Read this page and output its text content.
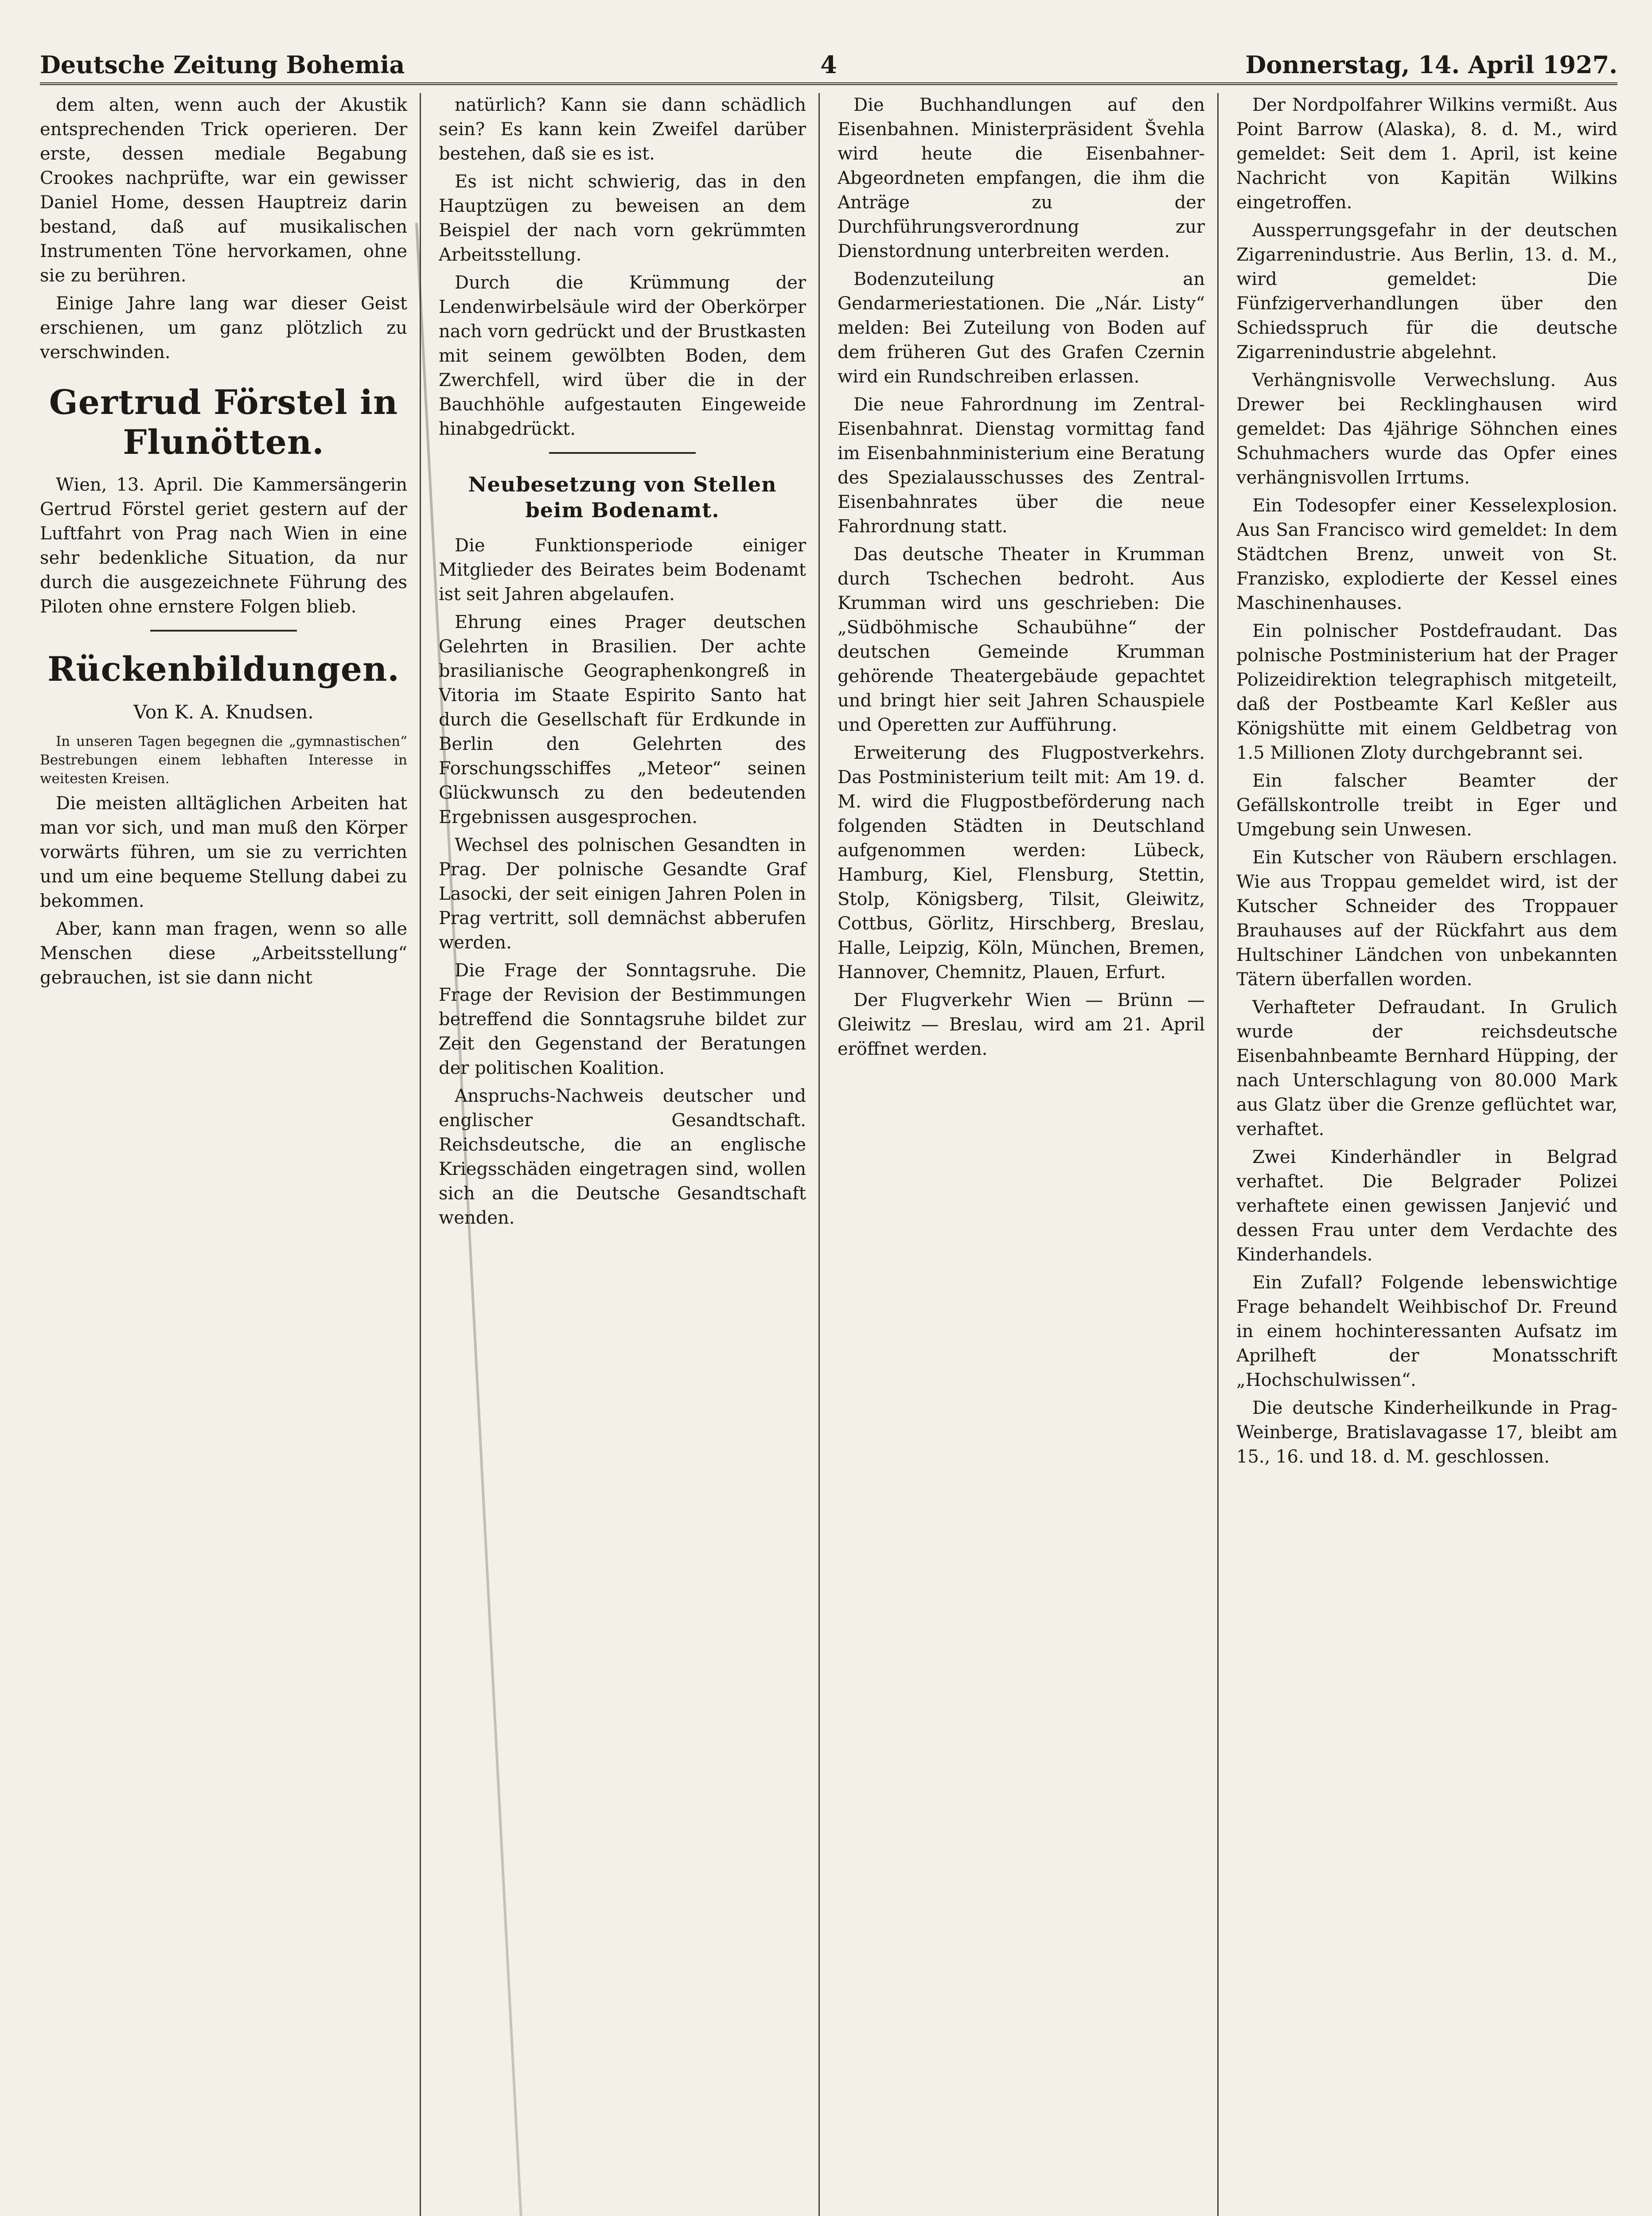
Deutsche Zeitung Bohemia	4	Donnerstag, 14. April 1927.

dem alten, wenn auch der Akustik entsprechenden Trick operieren. Der erste, dessen mediale Begabung Crookes nachprüfte, war ein gewisser Daniel Home, dessen Hauptreiz darin bestand, daß auf musikalischen Instrumenten Töne hervorkamen, ohne sie zu berühren.

Einige Jahre lang war dieser Geist erschienen, um ganz plötzlich zu verschwinden.

Gertrud Förstel in Flunötten.

Wien, 13. April. Die Kammersängerin Gertrud Förstel geriet gestern auf der Luftfahrt von Prag nach Wien in eine sehr bedenkliche Situation, da nur durch die ausgezeichnete Führung des Piloten ohne ernstere Folgen blieb.

Rückenbildungen.
Von K. A. Knudsen.

In unseren Tagen begegnen die „gymnastischen“ Bestrebungen einem lebhaften Interesse in weitesten Kreisen.

Die meisten alltäglichen Arbeiten hat man vor sich, und man muß den Körper vorwärts führen, um sie zu verrichten und um eine bequeme Stellung dabei zu bekommen.

Aber, kann man fragen, wenn so alle Menschen diese „Arbeitsstellung“ gebrauchen, ist sie dann nicht

natürlich? Kann sie dann schädlich sein? Es kann kein Zweifel darüber bestehen, daß sie es ist.

Es ist nicht schwierig, das in den Hauptzügen zu beweisen an dem Beispiel der nach vorn gekrümmten Arbeitsstellung.

Durch die Krümmung der Lendenwirbelsäule wird der Oberkörper nach vorn gedrückt und der Brustkasten mit seinem gewölbten Boden, dem Zwerchfell, wird über die in der Bauchhöhle aufgestauten Eingeweide hinabgedrückt.

Neubesetzung von Stellen beim Bodenamt.

Die Funktionsperiode einiger Mitglieder des Beirates beim Bodenamt ist seit Jahren abgelaufen.

Ehrung eines Prager deutschen Gelehrten in Brasilien. Der achte brasilianische Geographenkongreß in Vitoria im Staate Espirito Santo hat durch die Gesellschaft für Erdkunde in Berlin den Gelehrten des Forschungsschiffes „Meteor“ seinen Glückwunsch zu den bedeutenden Ergebnissen ausgesprochen.

Wechsel des polnischen Gesandten in Prag. Der polnische Gesandte Graf Lasocki, der seit einigen Jahren Polen in Prag vertritt, soll demnächst abberufen werden.

Die Frage der Sonntagsruhe. Die Frage der Revision der Bestimmungen betreffend die Sonntagsruhe bildet zur Zeit den Gegenstand der Beratungen der politischen Koalition.

Anspruchs-Nachweis deutscher und englischer Gesandtschaft. Reichsdeutsche, die an englische Kriegsschäden eingetragen sind, wollen sich an die Deutsche Gesandtschaft wenden.

Die Buchhandlungen auf den Eisenbahnen. Ministerpräsident Švehla wird heute die Eisenbahner-Abgeordneten empfangen, die ihm die Anträge zu der Durchführungsverordnung zur Dienstordnung unterbreiten werden.

Bodenzuteilung an Gendarmeriestationen. Die „Nár. Listy“ melden: Bei Zuteilung von Boden auf dem früheren Gut des Grafen Czernin wird ein Rundschreiben erlassen.

Die neue Fahrordnung im Zentral-Eisenbahnrat. Dienstag vormittag fand im Eisenbahnministerium eine Beratung des Spezialausschusses des Zentral-Eisenbahnrates über die neue Fahrordnung statt.

Das deutsche Theater in Krumman durch Tschechen bedroht. Aus Krumman wird uns geschrieben: Die „Südböhmische Schaubühne“ der deutschen Gemeinde Krumman gehörende Theatergebäude gepachtet und bringt hier seit Jahren Schauspiele und Operetten zur Aufführung.

Erweiterung des Flugpostverkehrs. Das Postministerium teilt mit: Am 19. d. M. wird die Flugpostbeförderung nach folgenden Städten in Deutschland aufgenommen werden: Lübeck, Hamburg, Kiel, Flensburg, Stettin, Stolp, Königsberg, Tilsit, Gleiwitz, Cottbus, Görlitz, Hirschberg, Breslau, Halle, Leipzig, Köln, München, Bremen, Hannover, Chemnitz, Plauen, Erfurt.

Der Flugverkehr Wien — Brünn — Gleiwitz — Breslau, wird am 21. April eröffnet werden.

Der Nordpolfahrer Wilkins vermißt. Aus Point Barrow (Alaska), 8. d. M., wird gemeldet: Seit dem 1. April, ist keine Nachricht von Kapitän Wilkins eingetroffen.

Aussperrungsgefahr in der deutschen Zigarrenindustrie. Aus Berlin, 13. d. M., wird gemeldet: Die Fünfzigerverhandlungen über den Schiedsspruch für die deutsche Zigarrenindustrie abgelehnt.

Verhängnisvolle Verwechslung. Aus Drewer bei Recklinghausen wird gemeldet: Das 4jährige Söhnchen eines Schuhmachers wurde das Opfer eines verhängnisvollen Irrtums.

Ein Todesopfer einer Kesselexplosion. Aus San Francisco wird gemeldet: In dem Städtchen Brenz, unweit von St. Franzisko, explodierte der Kessel eines Maschinenhauses.

Ein polnischer Postdefraudant. Das polnische Postministerium hat der Prager Polizeidirektion telegraphisch mitgeteilt, daß der Postbeamte Karl Keßler aus Königshütte mit einem Geldbetrag von 1.5 Millionen Zloty durchgebrannt sei.

Ein falscher Beamter der Gefällskontrolle treibt in Eger und Umgebung sein Unwesen.

Ein Kutscher von Räubern erschlagen. Wie aus Troppau gemeldet wird, ist der Kutscher Schneider des Troppauer Brauhauses auf der Rückfahrt aus dem Hultschiner Ländchen von unbekannten Tätern überfallen worden.

Verhafteter Defraudant. In Grulich wurde der reichsdeutsche Eisenbahnbeamte Bernhard Hüpping, der nach Unterschlagung von 80.000 Mark aus Glatz über die Grenze geflüchtet war, verhaftet.

Zwei Kinderhändler in Belgrad verhaftet. Die Belgrader Polizei verhaftete einen gewissen Janjević und dessen Frau unter dem Verdachte des Kinderhandels.

Ein Zufall? Folgende lebenswichtige Frage behandelt Weihbischof Dr. Freund in einem hochinteressanten Aufsatz im Aprilheft der Monatsschrift „Hochschulwissen“.

Die deutsche Kinderheilkunde in Prag-Weinberge, Bratislavagasse 17, bleibt am 15., 16. und 18. d. M. geschlossen.
